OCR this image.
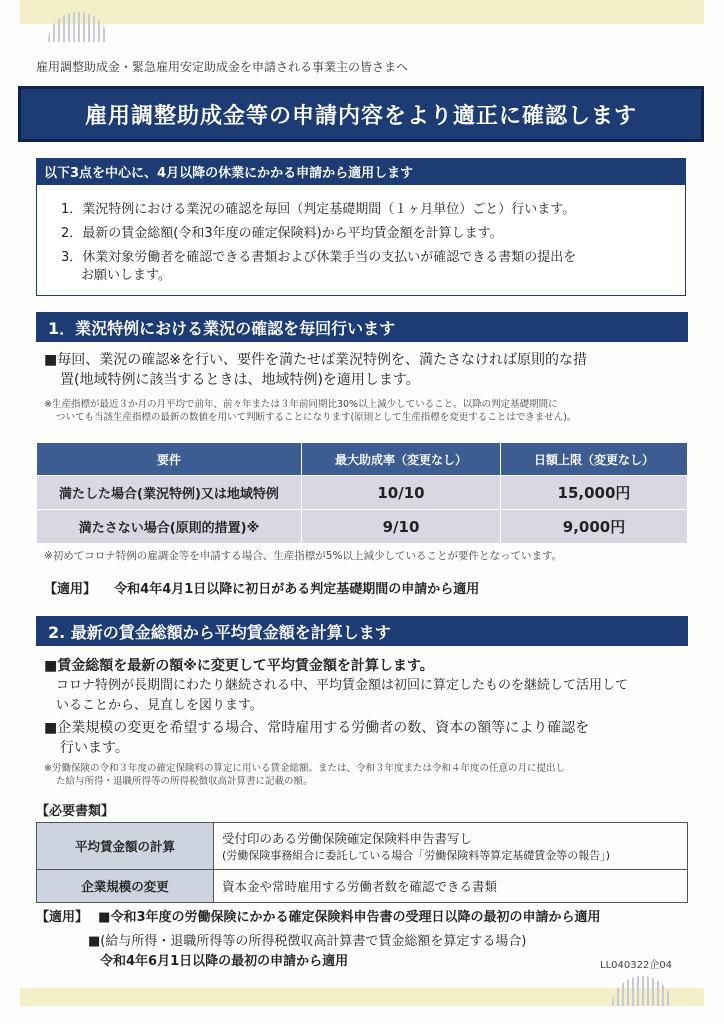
雇用調整助成金・緊急雇用安定助成金を申請される事業主の皆さまへ
雇用調整助成金等の申請内容をより適正に確認します
以下3点を中心に、4月以降の休業にかかる申請から適用します
1．業況特例における業況の確認を毎回（判定基礎期間（１ヶ月単位）ごと）行います。
2．最新の賃金総額(令和3年度の確定保険料)から平均賃金額を計算します。
3．休業対象労働者を確認できる書類および休業手当の支払いが確認できる書類の提出を
お願いします。
1．業況特例における業況の確認を毎回行います
■毎回、業況の確認※を行い、要件を満たせば業況特例を、満たさなければ原則的な措
置(地域特例に該当するときは、地域特例)を適用します。
※生産指標が最近３か月の月平均で前年、前々年または３年前同期比30%以上減少していること。以降の判定基礎期間に
ついても当該生産指標の最新の数値を用いて判断することになります(原則として生産指標を変更することはできません)。
要件	最大助成率（変更なし）	日額上限（変更なし）
満たした場合(業況特例)又は地域特例	10/10	15,000円
満たさない場合(原則的措置)※	9/10	9,000円
※初めてコロナ特例の雇調金等を申請する場合、生産指標が5%以上減少していることが要件となっています。
【適用】 令和4年4月1日以降に初日がある判定基礎期間の申請から適用
2. 最新の賃金総額から平均賃金額を計算します
■賃金総額を最新の額※に変更して平均賃金額を計算します。
コロナ特例が長期間にわたり継続される中、平均賃金額は初回に算定したものを継続して活用して
いることから、見直しを図ります。
■企業規模の変更を希望する場合、常時雇用する労働者の数、資本の額等により確認を
行います。
※労働保険の令和３年度の確定保険料の算定に用いる賃金総額。または、令和３年度または令和４年度の任意の月に提出し
た給与所得・退職所得等の所得税徴収高計算書に記載の額。
【必要書類】
平均賃金額の計算	受付印のある労働保険確定保険料申告書写し
(労働保険事務組合に委託している場合「労働保険料等算定基礎賃金等の報告」)

企業規模の変更	資本金や常時雇用する労働者数を確認できる書類
【適用】 ■令和3年度の労働保険にかかる確定保険料申告書の受理日以降の最初の申請から適用
■(給与所得・退職所得等の所得税徴収高計算書で賃金総額を算定する場合)
令和4年6月1日以降の最初の申請から適用	LL040322企04
